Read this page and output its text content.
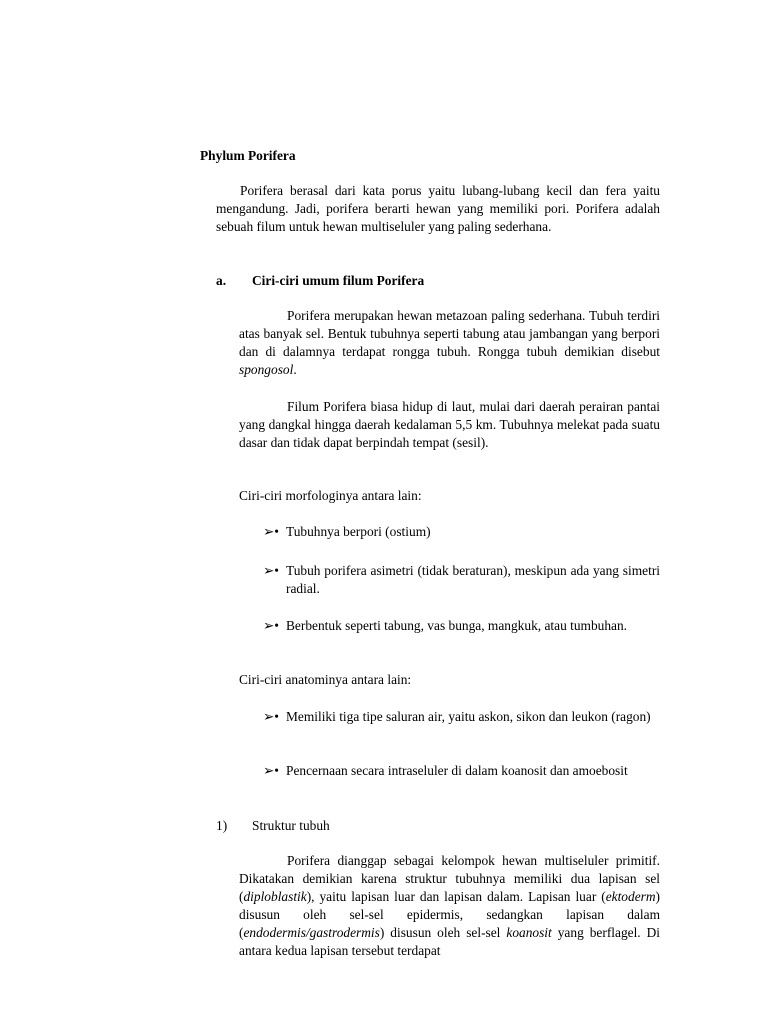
Phylum Porifera

Porifera berasal dari kata porus yaitu lubang-lubang kecil dan fera yaitu mengandung. Jadi, porifera berarti hewan yang memiliki pori. Porifera adalah sebuah filum untuk hewan multiseluler yang paling sederhana.

a. Ciri-ciri umum filum Porifera

Porifera merupakan hewan metazoan paling sederhana. Tubuh terdiri atas banyak sel. Bentuk tubuhnya seperti tabung atau jambangan yang berpori dan di dalamnya terdapat rongga tubuh. Rongga tubuh demikian disebut spongosol.

Filum Porifera biasa hidup di laut, mulai dari daerah perairan pantai yang dangkal hingga daerah kedalaman 5,5 km. Tubuhnya melekat pada suatu dasar dan tidak dapat berpindah tempat (sesil).

Ciri-ciri morfologinya antara lain:
➢• Tubuhnya berpori (ostium)
➢• Tubuh porifera asimetri (tidak beraturan), meskipun ada yang simetri radial.
➢• Berbentuk seperti tabung, vas bunga, mangkuk, atau tumbuhan.
Ciri-ciri anatominya antara lain:
➢• Memiliki tiga tipe saluran air, yaitu askon, sikon dan leukon (ragon)
➢• Pencernaan secara intraseluler di dalam koanosit dan amoebosit
1) Struktur tubuh

Porifera dianggap sebagai kelompok hewan multiseluler primitif. Dikatakan demikian karena struktur tubuhnya memiliki dua lapisan sel (diploblastik), yaitu lapisan luar dan lapisan dalam. Lapisan luar (ektoderm) disusun oleh sel-sel epidermis, sedangkan lapisan dalam (endodermis/gastrodermis) disusun oleh sel-sel koanosit yang berflagel. Di antara kedua lapisan tersebut terdapat
